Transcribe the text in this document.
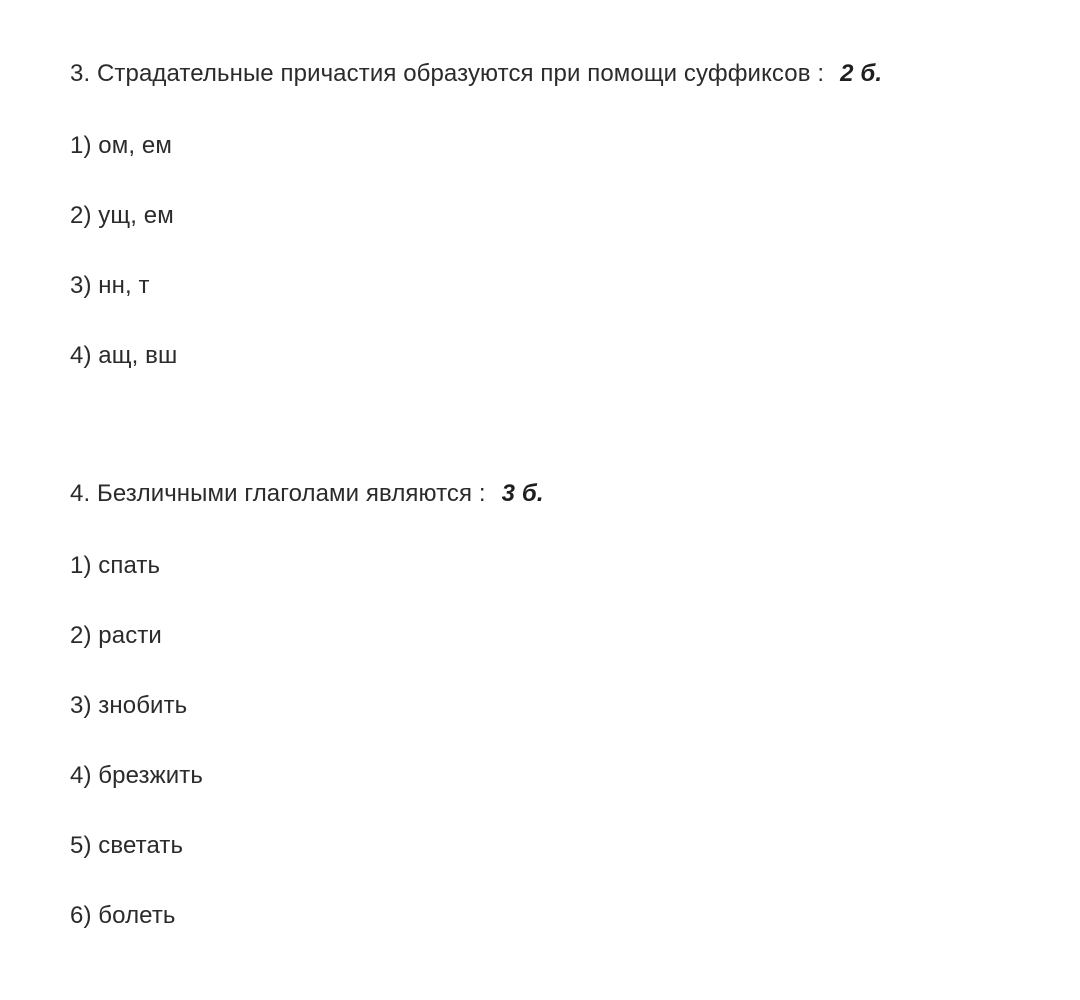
3. Страдательные причастия образуются при помощи суффиксов : 2 б.
1) ом, ем
2) ущ, ем
3) нн, т
4) ащ, вш
4. Безличными глаголами являются : 3 б.
1) спать
2) расти
3) знобить
4) брезжить
5) светать
6) болеть
